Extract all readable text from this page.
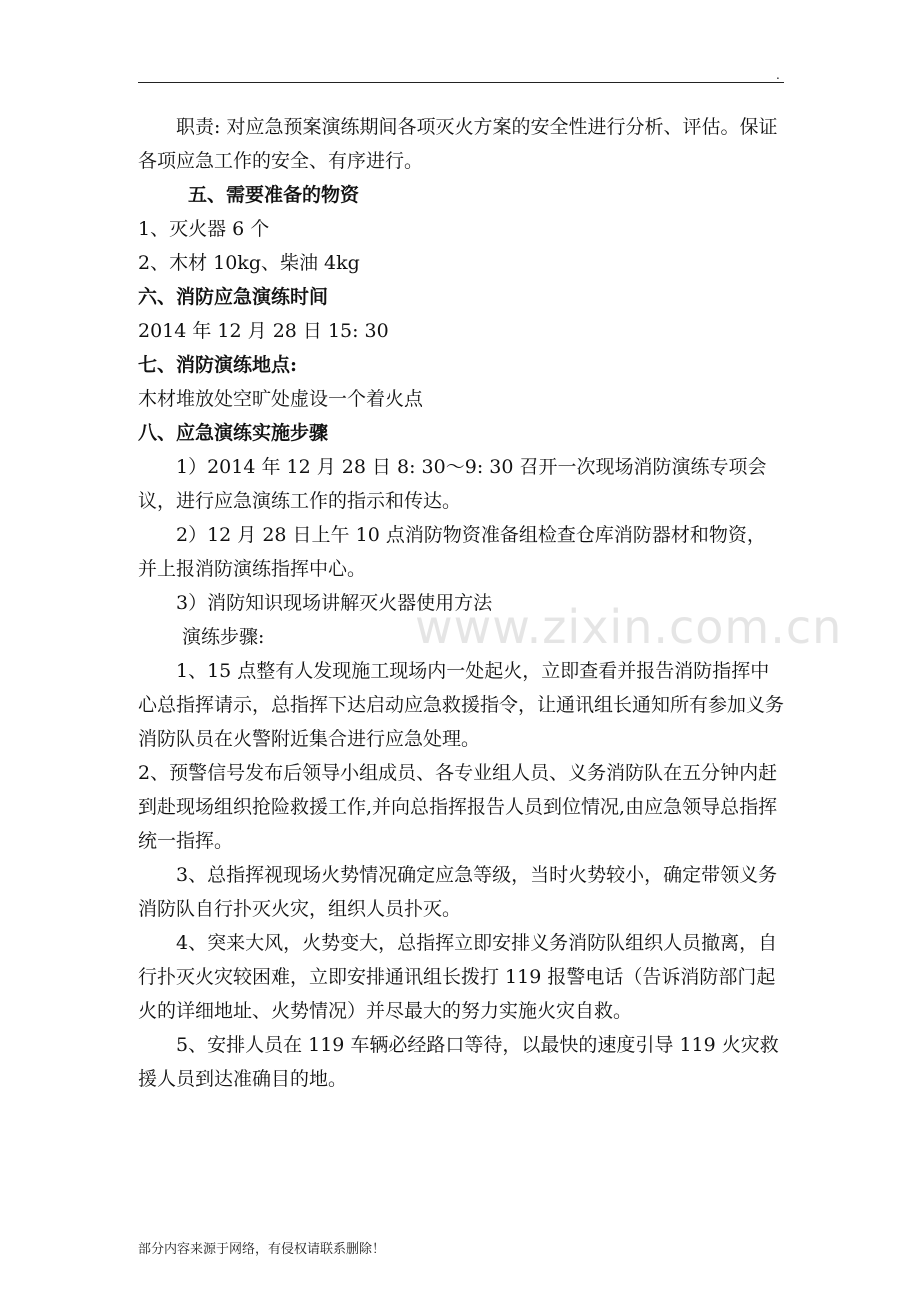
.
www.zixin.com.cn

职责: 对应急预案演练期间各项灭火方案的安全性进行分析、评估。保证各项应急工作的安全、有序进行。

五、需要准备的物资

1、灭火器 6 个

2、木材 10kg、柴油 4kg

六、消防应急演练时间

2014 年 12 月 28 日 15: 30

七、消防演练地点:

木材堆放处空旷处虚设一个着火点

八、应急演练实施步骤

1）2014 年 12 月 28 日 8: 30～9: 30 召开一次现场消防演练专项会议，进行应急演练工作的指示和传达。

2）12 月 28 日上午 10 点消防物资准备组检查仓库消防器材和物资，并上报消防演练指挥中心。

3）消防知识现场讲解灭火器使用方法

演练步骤:

1、15 点整有人发现施工现场内一处起火，立即查看并报告消防指挥中心总指挥请示，总指挥下达启动应急救援指令，让通讯组长通知所有参加义务消防队员在火警附近集合进行应急处理。

2、预警信号发布后领导小组成员、各专业组人员、义务消防队在五分钟内赶到赴现场组织抢险救援工作,并向总指挥报告人员到位情况,由应急领导总指挥统一指挥。

3、总指挥视现场火势情况确定应急等级，当时火势较小，确定带领义务消防队自行扑灭火灾，组织人员扑灭。

4、突来大风，火势变大，总指挥立即安排义务消防队组织人员撤离，自行扑灭火灾较困难，立即安排通讯组长拨打 119 报警电话（告诉消防部门起火的详细地址、火势情况）并尽最大的努力实施火灾自救。

5、安排人员在 119 车辆必经路口等待，以最快的速度引导 119 火灾救援人员到达准确目的地。

部分内容来源于网络，有侵权请联系删除！
